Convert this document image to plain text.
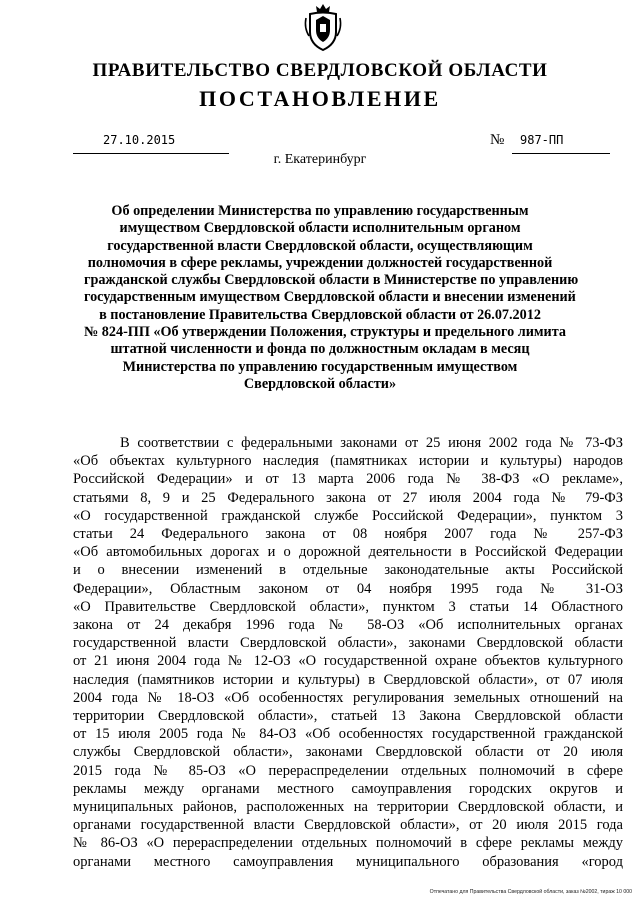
ПРАВИТЕЛЬСТВО СВЕРДЛОВСКОЙ ОБЛАСТИ
ПОСТАНОВЛЕНИЕ
27.10.2015	№ 987-ПП
г. Екатеринбург
Об определении Министерства по управлению государственным
имуществом Свердловской области исполнительным органом
государственной власти Свердловской области, осуществляющим
полномочия в сфере рекламы, учреждении должностей государственной
гражданской службы Свердловской области в Министерстве по управлению
государственным имуществом Свердловской области и внесении изменений
в постановление Правительства Свердловской области от 26.07.2012
№ 824-ПП «Об утверждении Положения, структуры и предельного лимита
штатной численности и фонда по должностным окладам в месяц
Министерства по управлению государственным имуществом
Свердловской области»
В соответствии с федеральными законами от 25 июня 2002 года № 73-ФЗ
«Об объектах культурного наследия (памятниках истории и культуры) народов
Российской Федерации» и от 13 марта 2006 года № 38-ФЗ «О рекламе»,
статьями 8, 9 и 25 Федерального закона от 27 июля 2004 года № 79-ФЗ
«О государственной гражданской службе Российской Федерации», пунктом 3
статьи 24 Федерального закона от 08 ноября 2007 года № 257-ФЗ
«Об автомобильных дорогах и о дорожной деятельности в Российской Федерации
и о внесении изменений в отдельные законодательные акты Российской
Федерации», Областным законом от 04 ноября 1995 года № 31-ОЗ
«О Правительстве Свердловской области», пунктом 3 статьи 14 Областного
закона от 24 декабря 1996 года № 58-ОЗ «Об исполнительных органах
государственной власти Свердловской области», законами Свердловской области
от 21 июня 2004 года № 12-ОЗ «О государственной охране объектов культурного
наследия (памятников истории и культуры) в Свердловской области», от 07 июля
2004 года № 18-ОЗ «Об особенностях регулирования земельных отношений на
территории Свердловской области», статьей 13 Закона Свердловской области
от 15 июля 2005 года № 84-ОЗ «Об особенностях государственной гражданской
службы Свердловской области», законами Свердловской области от 20 июля
2015 года № 85-ОЗ «О перераспределении отдельных полномочий в сфере
рекламы между органами местного самоуправления городских округов и
муниципальных районов, расположенных на территории Свердловской области, и
органами государственной власти Свердловской области», от 20 июля 2015 года
№ 86-ОЗ «О перераспределении отдельных полномочий в сфере рекламы между
органами местного самоуправления муниципального образования «город
Отпечатано для Правительства Свердловской области, заказ №2002, тираж 10 000
